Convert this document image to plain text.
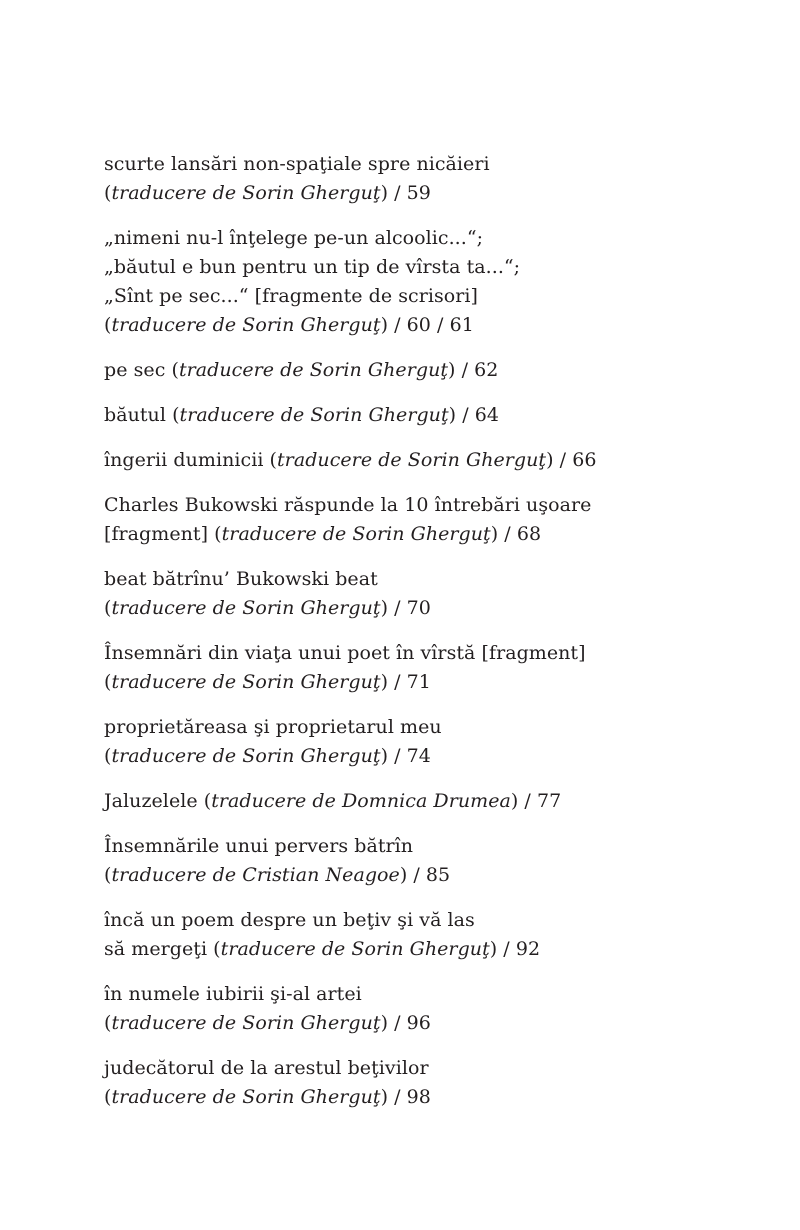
scurte lansări non-spaţiale spre nicăieri
(traducere de Sorin Gherguţ) / 59
„nimeni nu-l înţelege pe-un alcoolic...“;
„băutul e bun pentru un tip de vîrsta ta...“;
„Sînt pe sec...“ [fragmente de scrisori]
(traducere de Sorin Gherguţ) / 60 / 61
pe sec (traducere de Sorin Gherguţ) / 62
băutul (traducere de Sorin Gherguţ) / 64
îngerii duminicii (traducere de Sorin Gherguţ) / 66
Charles Bukowski răspunde la 10 întrebări uşoare
[fragment] (traducere de Sorin Gherguţ) / 68
beat bătrînu’ Bukowski beat
(traducere de Sorin Gherguţ) / 70
Însemnări din viaţa unui poet în vîrstă [fragment]
(traducere de Sorin Gherguţ) / 71
proprietăreasa şi proprietarul meu
(traducere de Sorin Gherguţ) / 74
Jaluzelele (traducere de Domnica Drumea) / 77
Însemnările unui pervers bătrîn
(traducere de Cristian Neagoe) / 85
încă un poem despre un beţiv şi vă las
să mergeţi (traducere de Sorin Gherguţ) / 92
în numele iubirii şi-al artei
(traducere de Sorin Gherguţ) / 96
judecătorul de la arestul beţivilor
(traducere de Sorin Gherguţ) / 98
